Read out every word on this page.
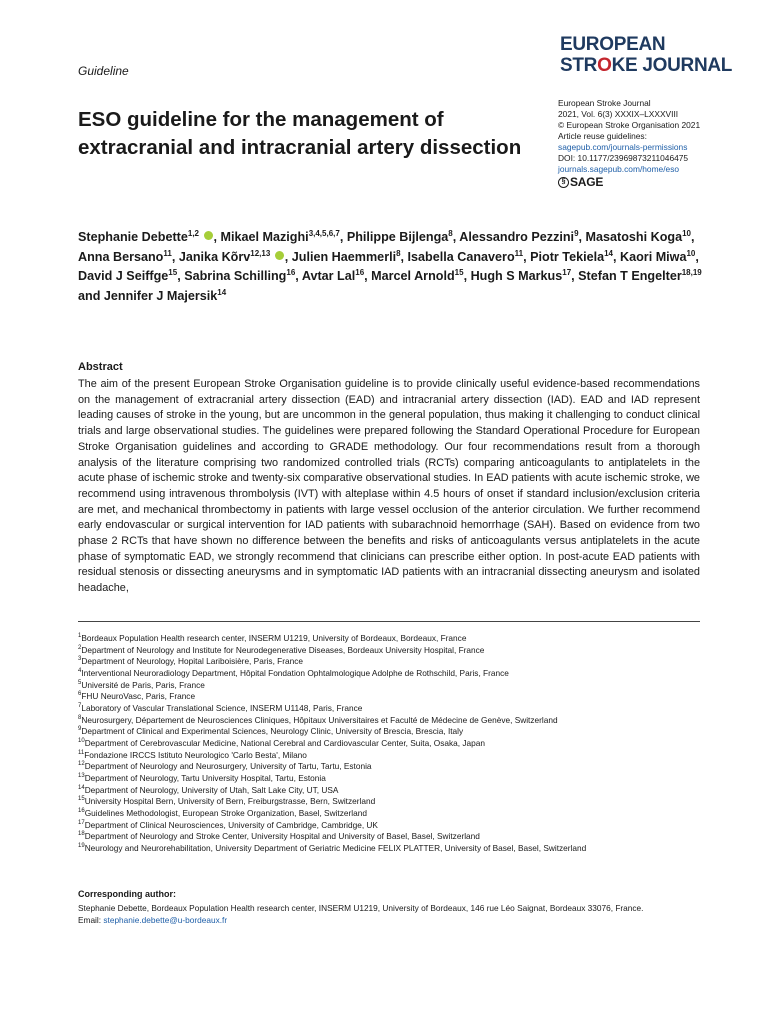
Guideline
EUROPEAN
STROKE JOURNAL
European Stroke Journal
2021, Vol. 6(3) XXXIX–LXXXVIII
© European Stroke Organisation 2021
Article reuse guidelines:
sagepub.com/journals-permissions
DOI: 10.1177/23969873211046475
journals.sagepub.com/home/eso
§ SAGE
ESO guideline for the management of extracranial and intracranial artery dissection
Stephanie Debette$^{1,2}$ , Mikael Mazighi$^{3,4,5,6,7}$, Philippe Bijlenga$^8$, Alessandro Pezzini$^9$, Masatoshi Koga$^{10}$, Anna Bersano$^{11}$, Janika Kõrv$^{12,13}$ , Julien Haemmerli$^8$, Isabella Canavero$^{11}$, Piotr Tekiela$^{14}$, Kaori Miwa$^{10}$, David J Seiffge$^{15}$, Sabrina Schilling$^{16}$, Avtar Lal$^{16}$, Marcel Arnold$^{15}$, Hugh S Markus$^{17}$, Stefan T Engelter$^{18,19}$ and Jennifer J Majersik$^{14}$
Abstract

The aim of the present European Stroke Organisation guideline is to provide clinically useful evidence-based recommendations on the management of extracranial artery dissection (EAD) and intracranial artery dissection (IAD). EAD and IAD represent leading causes of stroke in the young, but are uncommon in the general population, thus making it challenging to conduct clinical trials and large observational studies. The guidelines were prepared following the Standard Operational Procedure for European Stroke Organisation guidelines and according to GRADE methodology. Our four recommendations result from a thorough analysis of the literature comprising two randomized controlled trials (RCTs) comparing anticoagulants to antiplatelets in the acute phase of ischemic stroke and twenty-six comparative observational studies. In EAD patients with acute ischemic stroke, we recommend using intravenous thrombolysis (IVT) with alteplase within 4.5 hours of onset if standard inclusion/exclusion criteria are met, and mechanical thrombectomy in patients with large vessel occlusion of the anterior circulation. We further recommend early endovascular or surgical intervention for IAD patients with subarachnoid hemorrhage (SAH). Based on evidence from two phase 2 RCTs that have shown no difference between the benefits and risks of anticoagulants versus antiplatelets in the acute phase of symptomatic EAD, we strongly recommend that clinicians can prescribe either option. In post-acute EAD patients with residual stenosis or dissecting aneurysms and in symptomatic IAD patients with an intracranial dissecting aneurysm and isolated headache,

$^1$Bordeaux Population Health research center, INSERM U1219, University of Bordeaux, Bordeaux, France
$^2$Department of Neurology and Institute for Neurodegenerative Diseases, Bordeaux University Hospital, France
$^3$Department of Neurology, Hopital Lariboisière, Paris, France
$^4$Interventional Neuroradiology Department, Hôpital Fondation Ophtalmologique Adolphe de Rothschild, Paris, France
$^5$Université de Paris, Paris, France
$^6$FHU NeuroVasc, Paris, France
$^7$Laboratory of Vascular Translational Science, INSERM U1148, Paris, France
$^8$Neurosurgery, Département de Neurosciences Cliniques, Hôpitaux Universitaires et Faculté de Médecine de Genève, Switzerland
$^9$Department of Clinical and Experimental Sciences, Neurology Clinic, University of Brescia, Brescia, Italy
$^{10}$Department of Cerebrovascular Medicine, National Cerebral and Cardiovascular Center, Suita, Osaka, Japan
$^{11}$Fondazione IRCCS Istituto Neurologico 'Carlo Besta', Milano
$^{12}$Department of Neurology and Neurosurgery, University of Tartu, Tartu, Estonia
$^{13}$Department of Neurology, Tartu University Hospital, Tartu, Estonia
$^{14}$Department of Neurology, University of Utah, Salt Lake City, UT, USA
$^{15}$University Hospital Bern, University of Bern, Freiburgstrasse, Bern, Switzerland
$^{16}$Guidelines Methodologist, European Stroke Organization, Basel, Switzerland
$^{17}$Department of Clinical Neurosciences, University of Cambridge, Cambridge, UK
$^{18}$Department of Neurology and Stroke Center, University Hospital and University of Basel, Basel, Switzerland
$^{19}$Neurology and Neurorehabilitation, University Department of Geriatric Medicine FELIX PLATTER, University of Basel, Basel, Switzerland
Corresponding author:
Stephanie Debette, Bordeaux Population Health research center, INSERM U1219, University of Bordeaux, 146 rue Léo Saignat, Bordeaux 33076, France.
Email: stephanie.debette@u-bordeaux.fr
